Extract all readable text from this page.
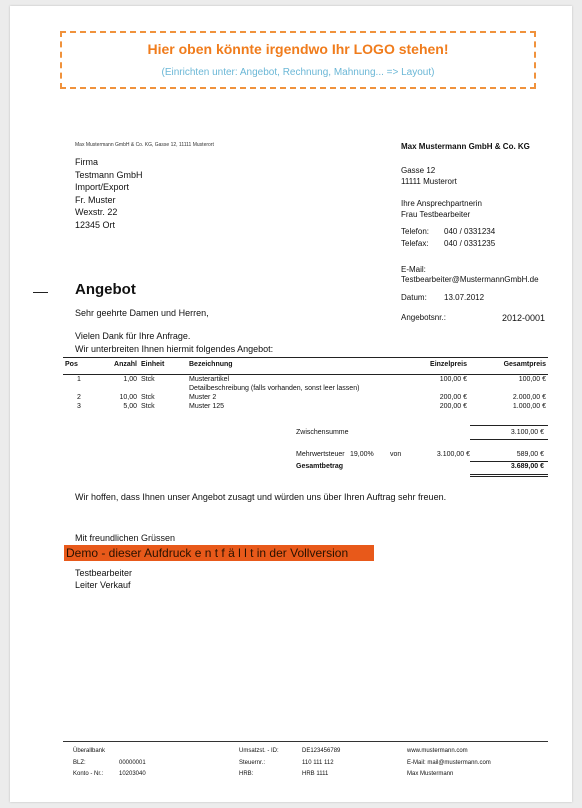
Hier oben könnte irgendwo Ihr LOGO stehen!
(Einrichten unter: Angebot, Rechnung, Mahnung... => Layout)
Max Mustermann GmbH & Co. KG, Gasse 12, 11111 Musterort
Firma
Testmann GmbH
Import/Export
Fr. Muster
Wexstr. 22
12345 Ort
Max Mustermann GmbH & Co. KG
Gasse 12
11111 Musterort
Ihre Ansprechpartnerin
Frau Testbearbeiter
Telefon: 040 / 0331234
Telefax: 040 / 0331235
E-Mail:
Testbearbeiter@MustermannGmbH.de
Datum: 13.07.2012
Angebotsnr.:	2012-0001
Angebot
Sehr geehrte Damen und Herren,
Vielen Dank für Ihre Anfrage.
Wir unterbreiten Ihnen hiermit folgendes Angebot:
Pos	Anzahl	Einheit	Bezeichnung	Einzelpreis	Gesamtpreis

1	1,00	Stck	Musterartikel	100,00 €	100,00 €
			Detailbeschreibung (falls vorhanden, sonst leer lassen)		
2	10,00	Stck	Muster 2	200,00 €	2.000,00 €
3	5,00	Stck	Muster 125	200,00 €	1.000,00 €
Zwischensumme	3.100,00 €
Mehrwertsteuer 19,00% von	3.100,00 €	589,00 €
Gesamtbetrag	3.689,00 €
Wir hoffen, dass Ihnen unser Angebot zusagt und würden uns über Ihren Auftrag sehr freuen.
Mit freundlichen Grüssen
Demo - dieser Aufdruck e n t f ä l l t in der Vollversion
Testbearbeiter
Leiter Verkauf
Überallbank
BLZ:	00000001
Konto - Nr.:	10203040
Umsatzst. - ID:	DE123456789
Steuernr.:	110 111 112
HRB:	HRB 1111
www.mustermann.com
E-Mail: mail@mustermann.com
Max Mustermann
